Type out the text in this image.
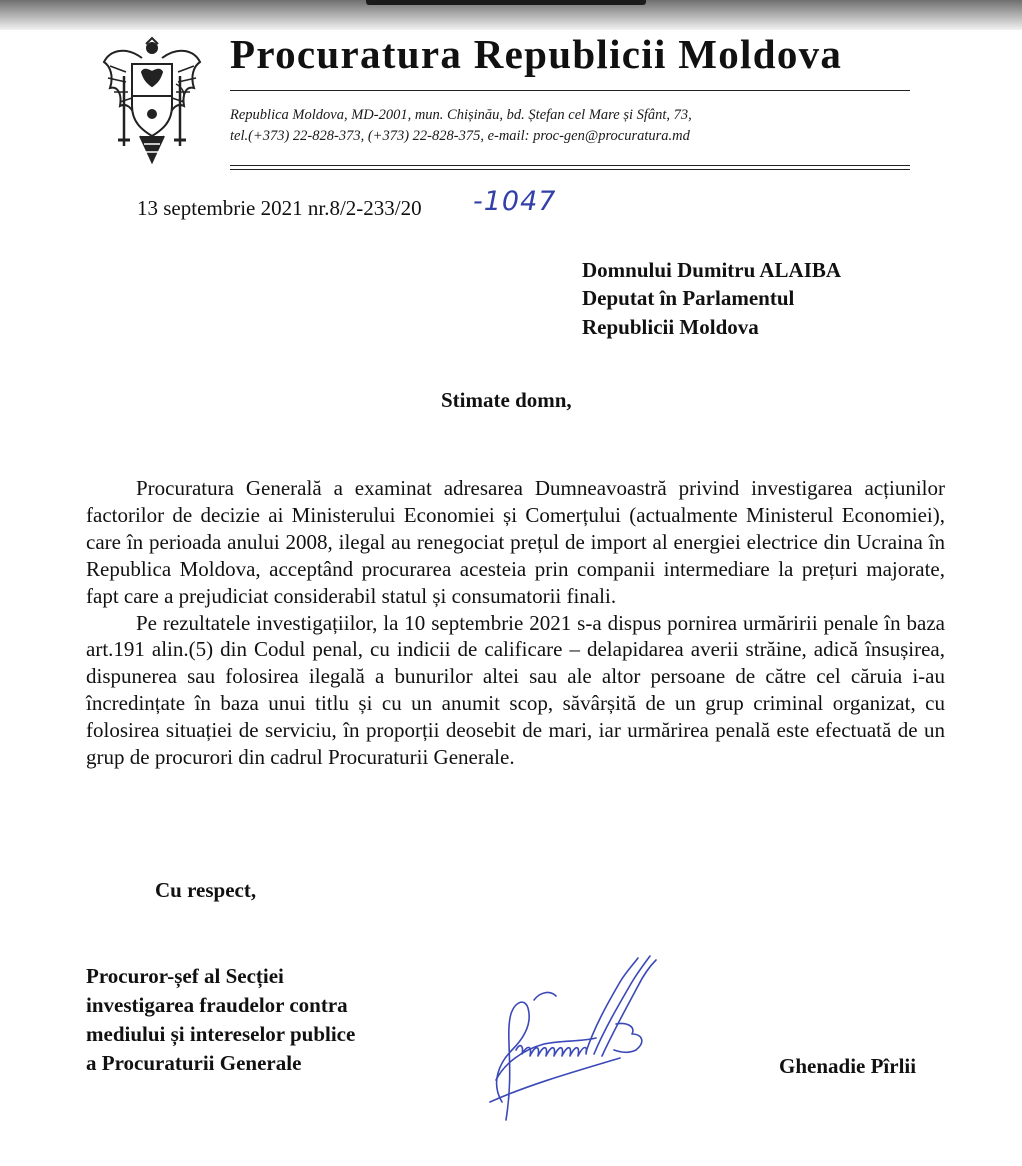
Procuratura Republicii Moldova
Republica Moldova, MD-2001, mun. Chișinău, bd. Ștefan cel Mare și Sfânt, 73,
tel.(+373) 22-828-373, (+373) 22-828-375, e-mail: proc-gen@procuratura.md
13 septembrie 2021 nr.8/2-233/20 -1047
Domnului Dumitru ALAIBA
Deputat în Parlamentul
Republicii Moldova
Stimate domn,

Procuratura Generală a examinat adresarea Dumneavoastră privind investigarea acțiunilor factorilor de decizie ai Ministerului Economiei și Comerțului (actualmente Ministerul Economiei), care în perioada anului 2008, ilegal au renegociat prețul de import al energiei electrice din Ucraina în Republica Moldova, acceptând procurarea acesteia prin companii intermediare la prețuri majorate, fapt care a prejudiciat considerabil statul și consumatorii finali.

Pe rezultatele investigațiilor, la 10 septembrie 2021 s-a dispus pornirea urmăririi penale în baza art.191 alin.(5) din Codul penal, cu indicii de calificare – delapidarea averii străine, adică însușirea, dispunerea sau folosirea ilegală a bunurilor altei sau ale altor persoane de către cel căruia i-au încredințate în baza unui titlu și cu un anumit scop, săvârșită de un grup criminal organizat, cu folosirea situației de serviciu, în proporții deosebit de mari, iar urmărirea penală este efectuată de un grup de procurori din cadrul Procuraturii Generale.

Cu respect,
Procuror-șef al Secției
investigarea fraudelor contra
mediului și intereselor publice
a Procuraturii Generale	Ghenadie Pîrlii
